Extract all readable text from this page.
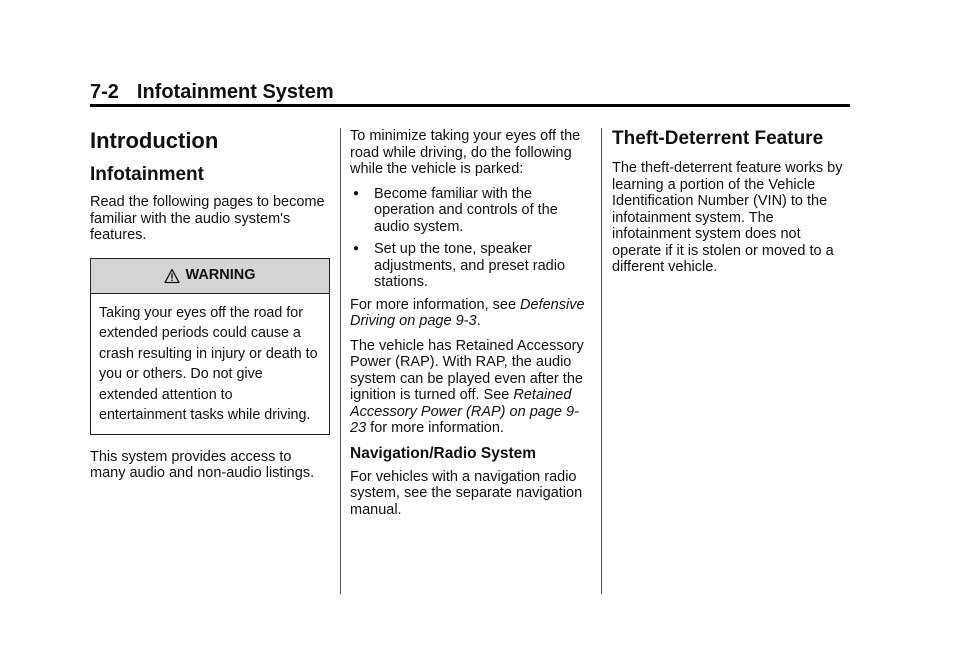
7-2 Infotainment System
Introduction
Infotainment

Read the following pages to become familiar with the audio system's features.

WARNING
Taking your eyes off the road for extended periods could cause a crash resulting in injury or death to you or others. Do not give extended attention to entertainment tasks while driving.

This system provides access to many audio and non-audio listings.

To minimize taking your eyes off the road while driving, do the following while the vehicle is parked:

● Become familiar with the operation and controls of the audio system.
● Set up the tone, speaker adjustments, and preset radio stations.

For more information, see Defensive Driving on page 9-3.

The vehicle has Retained Accessory Power (RAP). With RAP, the audio system can be played even after the ignition is turned off. See Retained Accessory Power (RAP) on page 9-23 for more information.

Navigation/Radio System

For vehicles with a navigation radio system, see the separate navigation manual.

Theft-Deterrent Feature

The theft-deterrent feature works by learning a portion of the Vehicle Identification Number (VIN) to the infotainment system. The infotainment system does not operate if it is stolen or moved to a different vehicle.
